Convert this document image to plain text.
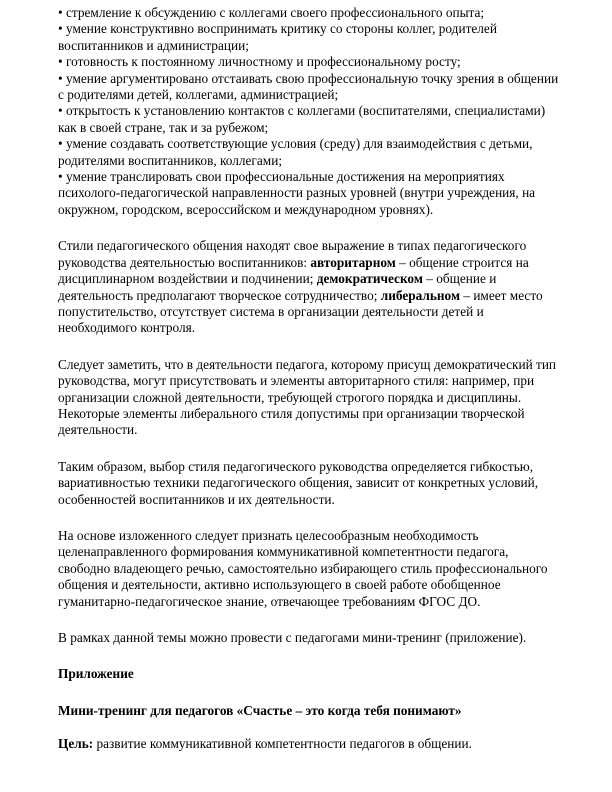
• стремление к обсуждению с коллегами своего профессионального опыта;
• умение конструктивно воспринимать критику со стороны коллег, родителей воспитанников и администрации;
• готовность к постоянному личностному и профессиональному росту;
• умение аргументировано отстаивать свою профессиональную точку зрения в общении с родителями детей, коллегами, администрацией;
• открытость к установлению контактов с коллегами (воспитателями, специалистами) как в своей стране, так и за рубежом;
• умение создавать соответствующие условия (среду) для взаимодействия с детьми, родителями воспитанников, коллегами;
• умение транслировать свои профессиональные достижения на мероприятиях психолого-педагогической направленности разных уровней (внутри учреждения, на окружном, городском, всероссийском и международном уровнях).

Стили педагогического общения находят свое выражение в типах педагогического руководства деятельностью воспитанников: авторитарном – общение строится на дисциплинарном воздействии и подчинении; демократическом – общение и деятельность предполагают творческое сотрудничество; либеральном – имеет место попустительство, отсутствует система в организации деятельности детей и необходимого контроля.

Следует заметить, что в деятельности педагога, которому присущ демократический тип руководства, могут присутствовать и элементы авторитарного стиля: например, при организации сложной деятельности, требующей строгого порядка и дисциплины. Некоторые элементы либерального стиля допустимы при организации творческой деятельности.

Таким образом, выбор стиля педагогического руководства определяется гибкостью, вариативностью техники педагогического общения, зависит от конкретных условий, особенностей воспитанников и их деятельности.

На основе изложенного следует признать целесообразным необходимость целенаправленного формирования коммуникативной компетентности педагога, свободно владеющего речью, самостоятельно избирающего стиль профессионального общения и деятельности, активно использующего в своей работе обобщенное гуманитарно-педагогическое знание, отвечающее требованиям ФГОС ДО.

В рамках данной темы можно провести с педагогами мини-тренинг (приложение).

Приложение

Мини-тренинг для педагогов «Счастье – это когда тебя понимают»

Цель: развитие коммуникативной компетентности педагогов в общении.
